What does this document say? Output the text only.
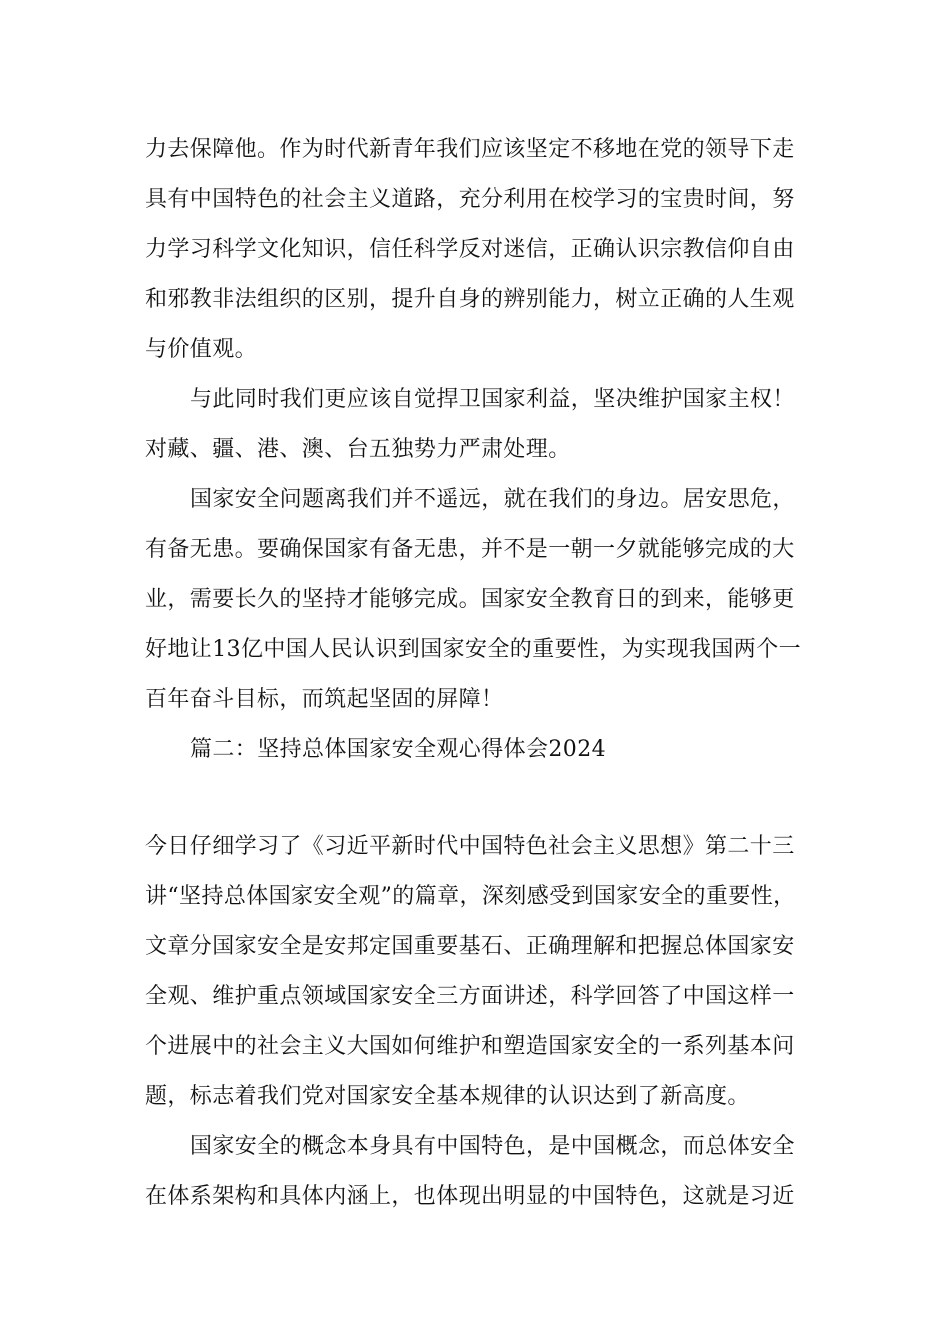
力去保障他。作为时代新青年我们应该坚定不移地在党的领导下走
具有中国特色的社会主义道路，充分利用在校学习的宝贵时间，努
力学习科学文化知识，信任科学反对迷信，正确认识宗教信仰自由
和邪教非法组织的区别，提升自身的辨别能力，树立正确的人生观
与价值观。
与此同时我们更应该自觉捍卫国家利益，坚决维护国家主权！
对藏、疆、港、澳、台五独势力严肃处理。
国家安全问题离我们并不遥远，就在我们的身边。居安思危，
有备无患。要确保国家有备无患，并不是一朝一夕就能够完成的大
业，需要长久的坚持才能够完成。国家安全教育日的到来，能够更
好地让13亿中国人民认识到国家安全的重要性，为实现我国两个一
百年奋斗目标，而筑起坚固的屏障！
篇二：坚持总体国家安全观心得体会2024
今日仔细学习了《习近平新时代中国特色社会主义思想》第二十三
讲“坚持总体国家安全观”的篇章，深刻感受到国家安全的重要性，
文章分国家安全是安邦定国重要基石、正确理解和把握总体国家安
全观、维护重点领域国家安全三方面讲述，科学回答了中国这样一
个进展中的社会主义大国如何维护和塑造国家安全的一系列基本问
题，标志着我们党对国家安全基本规律的认识达到了新高度。
国家安全的概念本身具有中国特色，是中国概念，而总体安全
在体系架构和具体内涵上，也体现出明显的中国特色，这就是习近
